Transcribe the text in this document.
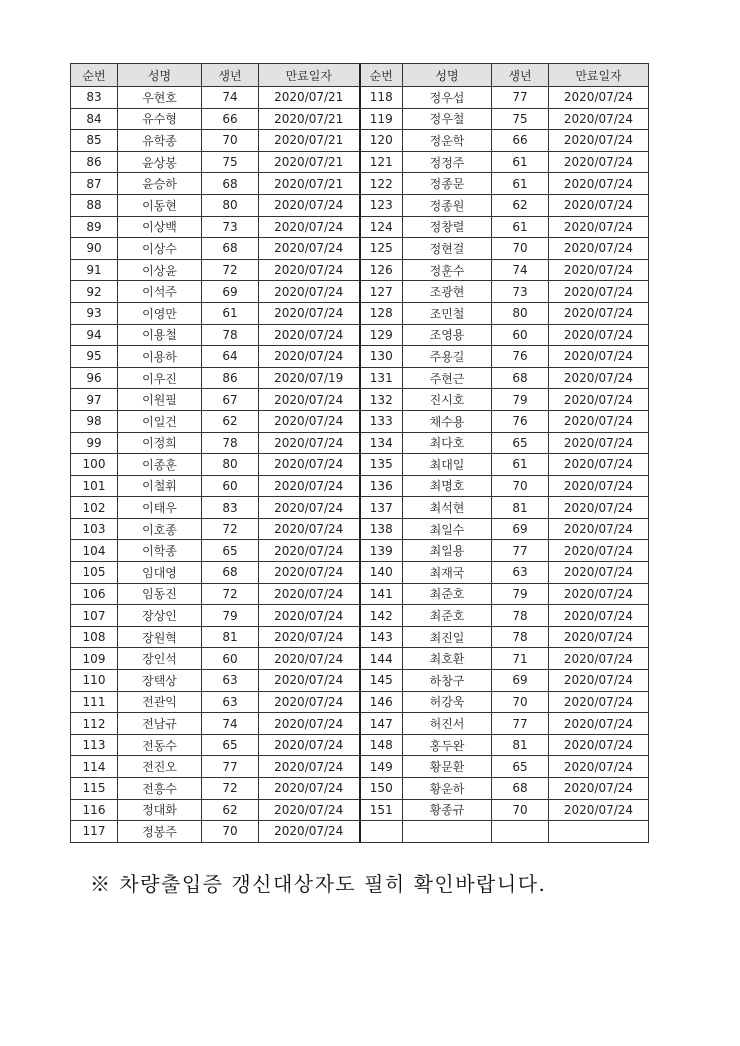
순번	성명	생년	만료일자	순번	성명	생년	만료일자
83	우현호	74	2020/07/21	118	정우섭	77	2020/07/24
84	유수형	66	2020/07/21	119	정우철	75	2020/07/24
85	유학종	70	2020/07/21	120	정운학	66	2020/07/24
86	윤상봉	75	2020/07/21	121	정정주	61	2020/07/24
87	윤승하	68	2020/07/21	122	정종문	61	2020/07/24
88	이동현	80	2020/07/24	123	정종원	62	2020/07/24
89	이상백	73	2020/07/24	124	정창렬	61	2020/07/24
90	이상수	68	2020/07/24	125	정현걸	70	2020/07/24
91	이상윤	72	2020/07/24	126	정훈수	74	2020/07/24
92	이석주	69	2020/07/24	127	조광현	73	2020/07/24
93	이영만	61	2020/07/24	128	조민철	80	2020/07/24
94	이용철	78	2020/07/24	129	조영용	60	2020/07/24
95	이용하	64	2020/07/24	130	주용길	76	2020/07/24
96	이우진	86	2020/07/19	131	주현근	68	2020/07/24
97	이원필	67	2020/07/24	132	진시호	79	2020/07/24
98	이일건	62	2020/07/24	133	채수용	76	2020/07/24
99	이정희	78	2020/07/24	134	최다호	65	2020/07/24
100	이종훈	80	2020/07/24	135	최대일	61	2020/07/24
101	이철휘	60	2020/07/24	136	최명호	70	2020/07/24
102	이태우	83	2020/07/24	137	최석현	81	2020/07/24
103	이호종	72	2020/07/24	138	최일수	69	2020/07/24
104	이학종	65	2020/07/24	139	최일용	77	2020/07/24
105	임대영	68	2020/07/24	140	최재국	63	2020/07/24
106	임동진	72	2020/07/24	141	최준호	79	2020/07/24
107	장상인	79	2020/07/24	142	최준호	78	2020/07/24
108	장원혁	81	2020/07/24	143	최진일	78	2020/07/24
109	장인석	60	2020/07/24	144	최호환	71	2020/07/24
110	장택상	63	2020/07/24	145	하창구	69	2020/07/24
111	전관익	63	2020/07/24	146	허강욱	70	2020/07/24
112	전남규	74	2020/07/24	147	허진서	77	2020/07/24
113	전동수	65	2020/07/24	148	홍두완	81	2020/07/24
114	전진오	77	2020/07/24	149	황문환	65	2020/07/24
115	전흥수	72	2020/07/24	150	황운하	68	2020/07/24
116	정대화	62	2020/07/24	151	황종규	70	2020/07/24
117	정봉주	70	2020/07/24				
※ 차량출입증 갱신대상자도 필히 확인바랍니다.
